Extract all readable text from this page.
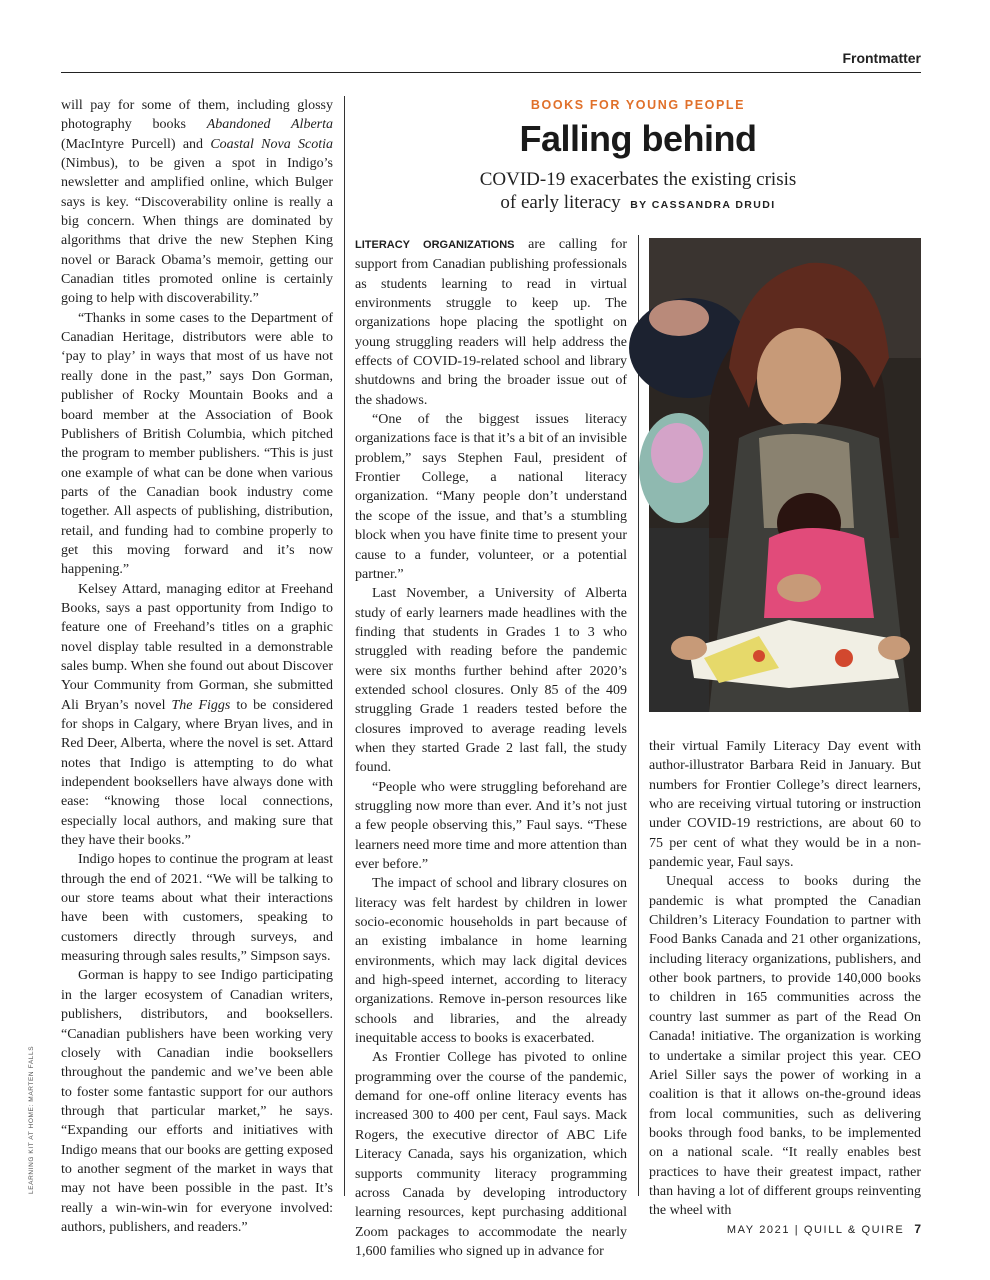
Frontmatter

will pay for some of them, including glossy photography books Abandoned Alberta (MacIntyre Purcell) and Coastal Nova Scotia (Nimbus), to be given a spot in Indigo’s newsletter and amplified online, which Bulger says is key. “Discoverability online is really a big concern. When things are dominated by algorithms that drive the new Stephen King novel or Barack Obama’s memoir, getting our Canadian titles promoted online is certainly going to help with discoverability.”

“Thanks in some cases to the Department of Canadian Heritage, distributors were able to ‘pay to play’ in ways that most of us have not really done in the past,” says Don Gorman, publisher of Rocky Mountain Books and a board member at the Association of Book Publishers of British Columbia, which pitched the program to member publishers. “This is just one example of what can be done when various parts of the Canadian book industry come together. All aspects of publishing, distribution, retail, and funding had to combine properly to get this moving forward and it’s now happening.”

Kelsey Attard, managing editor at Freehand Books, says a past opportunity from Indigo to feature one of Freehand’s titles on a graphic novel display table resulted in a demonstrable sales bump. When she found out about Discover Your Community from Gorman, she submitted Ali Bryan’s novel The Figgs to be considered for shops in Calgary, where Bryan lives, and in Red Deer, Alberta, where the novel is set. Attard notes that Indigo is attempting to do what independent booksellers have always done with ease: “knowing those local connections, especially local authors, and making sure that they have their books.”

Indigo hopes to continue the program at least through the end of 2021. “We will be talking to our store teams about what their interactions have been with customers, speaking to customers directly through surveys, and measuring through sales results,” Simpson says.

Gorman is happy to see Indigo participating in the larger ecosystem of Canadian writers, publishers, distributors, and booksellers. “Canadian publishers have been working very closely with Canadian indie booksellers throughout the pandemic and we’ve been able to foster some fantastic support for our authors through that particular market,” he says. “Expanding our efforts and initiatives with Indigo means that our books are getting exposed to another segment of the market in ways that may not have been possible in the past. It’s really a win-win-win for everyone involved: authors, publishers, and readers.”

BOOKS FOR YOUNG PEOPLE
Falling behind
COVID-19 exacerbates the existing crisis
of early literacy BY CASSANDRA DRUDI

LITERACY ORGANIZATIONS are calling for support from Canadian publishing professionals as students learning to read in virtual environments struggle to keep up. The organizations hope placing the spotlight on young struggling readers will help address the effects of COVID-19-related school and library shutdowns and bring the broader issue out of the shadows.

“One of the biggest issues literacy organizations face is that it’s a bit of an invisible problem,” says Stephen Faul, president of Frontier College, a national literacy organization. “Many people don’t understand the scope of the issue, and that’s a stumbling block when you have finite time to present your cause to a funder, volunteer, or a potential partner.”

Last November, a University of Alberta study of early learners made headlines with the finding that students in Grades 1 to 3 who struggled with reading before the pandemic were six months further behind after 2020’s extended school closures. Only 85 of the 409 struggling Grade 1 readers tested before the closures improved to average reading levels when they started Grade 2 last fall, the study found.

“People who were struggling beforehand are struggling now more than ever. And it’s not just a few people observing this,” Faul says. “These learners need more time and more attention than ever before.”

The impact of school and library closures on literacy was felt hardest by children in lower socio-economic households in part because of an existing imbalance in home learning environments, which may lack digital devices and high-speed internet, according to literacy organizations. Remove in-person resources like schools and libraries, and the already inequitable access to books is exacerbated.

As Frontier College has pivoted to online programming over the course of the pandemic, demand for one-off online literacy events has increased 300 to 400 per cent, Faul says. Mack Rogers, the executive director of ABC Life Literacy Canada, says his organization, which supports community literacy programming across Canada by developing introductory learning resources, kept purchasing additional Zoom packages to accommodate the nearly 1,600 families who signed up in advance for

their virtual Family Literacy Day event with author-illustrator Barbara Reid in January. But numbers for Frontier College’s direct learners, who are receiving virtual tutoring or instruction under COVID-19 restrictions, are about 60 to 75 per cent of what they would be in a non-pandemic year, Faul says.

Unequal access to books during the pandemic is what prompted the Canadian Children’s Literacy Foundation to partner with Food Banks Canada and 21 other organizations, including literacy organizations, publishers, and other book partners, to provide 140,000 books to children in 165 communities across the country last summer as part of the Read On Canada! initiative. The organization is working to undertake a similar project this year. CEO Ariel Siller says the power of working in a coalition is that it allows on-the-ground ideas from local communities, such as delivering books through food banks, to be implemented on a national scale. “It really enables best practices to have their greatest impact, rather than having a lot of different groups reinventing the wheel with

LEARNING KIT AT HOME: MARTEN FALLS
MAY 2021 | QUILL & QUIRE 7
